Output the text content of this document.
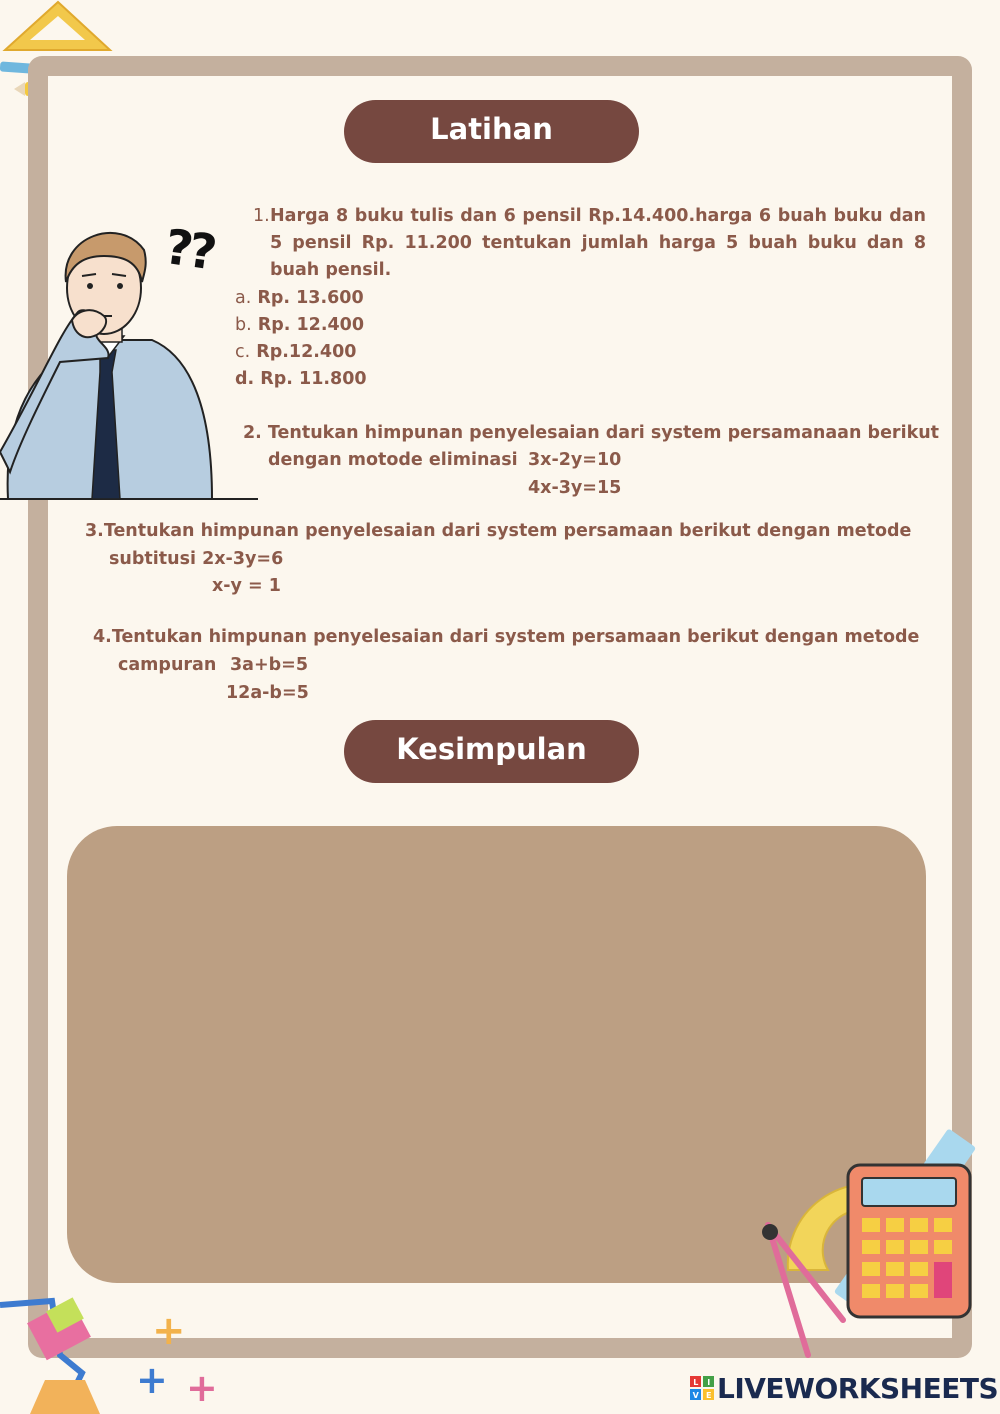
??
Latihan
1. Harga 8 buku tulis dan 6 pensil Rp.14.400.harga 6 buah buku dan 5 pensil Rp. 11.200 tentukan jumlah harga 5 buah buku dan 8 buah pensil.
a. Rp. 13.600
b. Rp. 12.400
c. Rp.12.400
d. Rp. 11.800
2. Tentukan himpunan penyelesaian dari system persamanaan berikut
dengan motode eliminasi 3x-2y=10
4x-3y=15
3.Tentukan himpunan penyelesaian dari system persamaan berikut dengan metode
subtitusi 2x-3y=6
x-y = 1
4.Tentukan himpunan penyelesaian dari system persamaan berikut dengan metode
campuran 3a+b=5
12a-b=5
Kesimpulan
+
+ +	L I
V E LIVEWORKSHEETS
